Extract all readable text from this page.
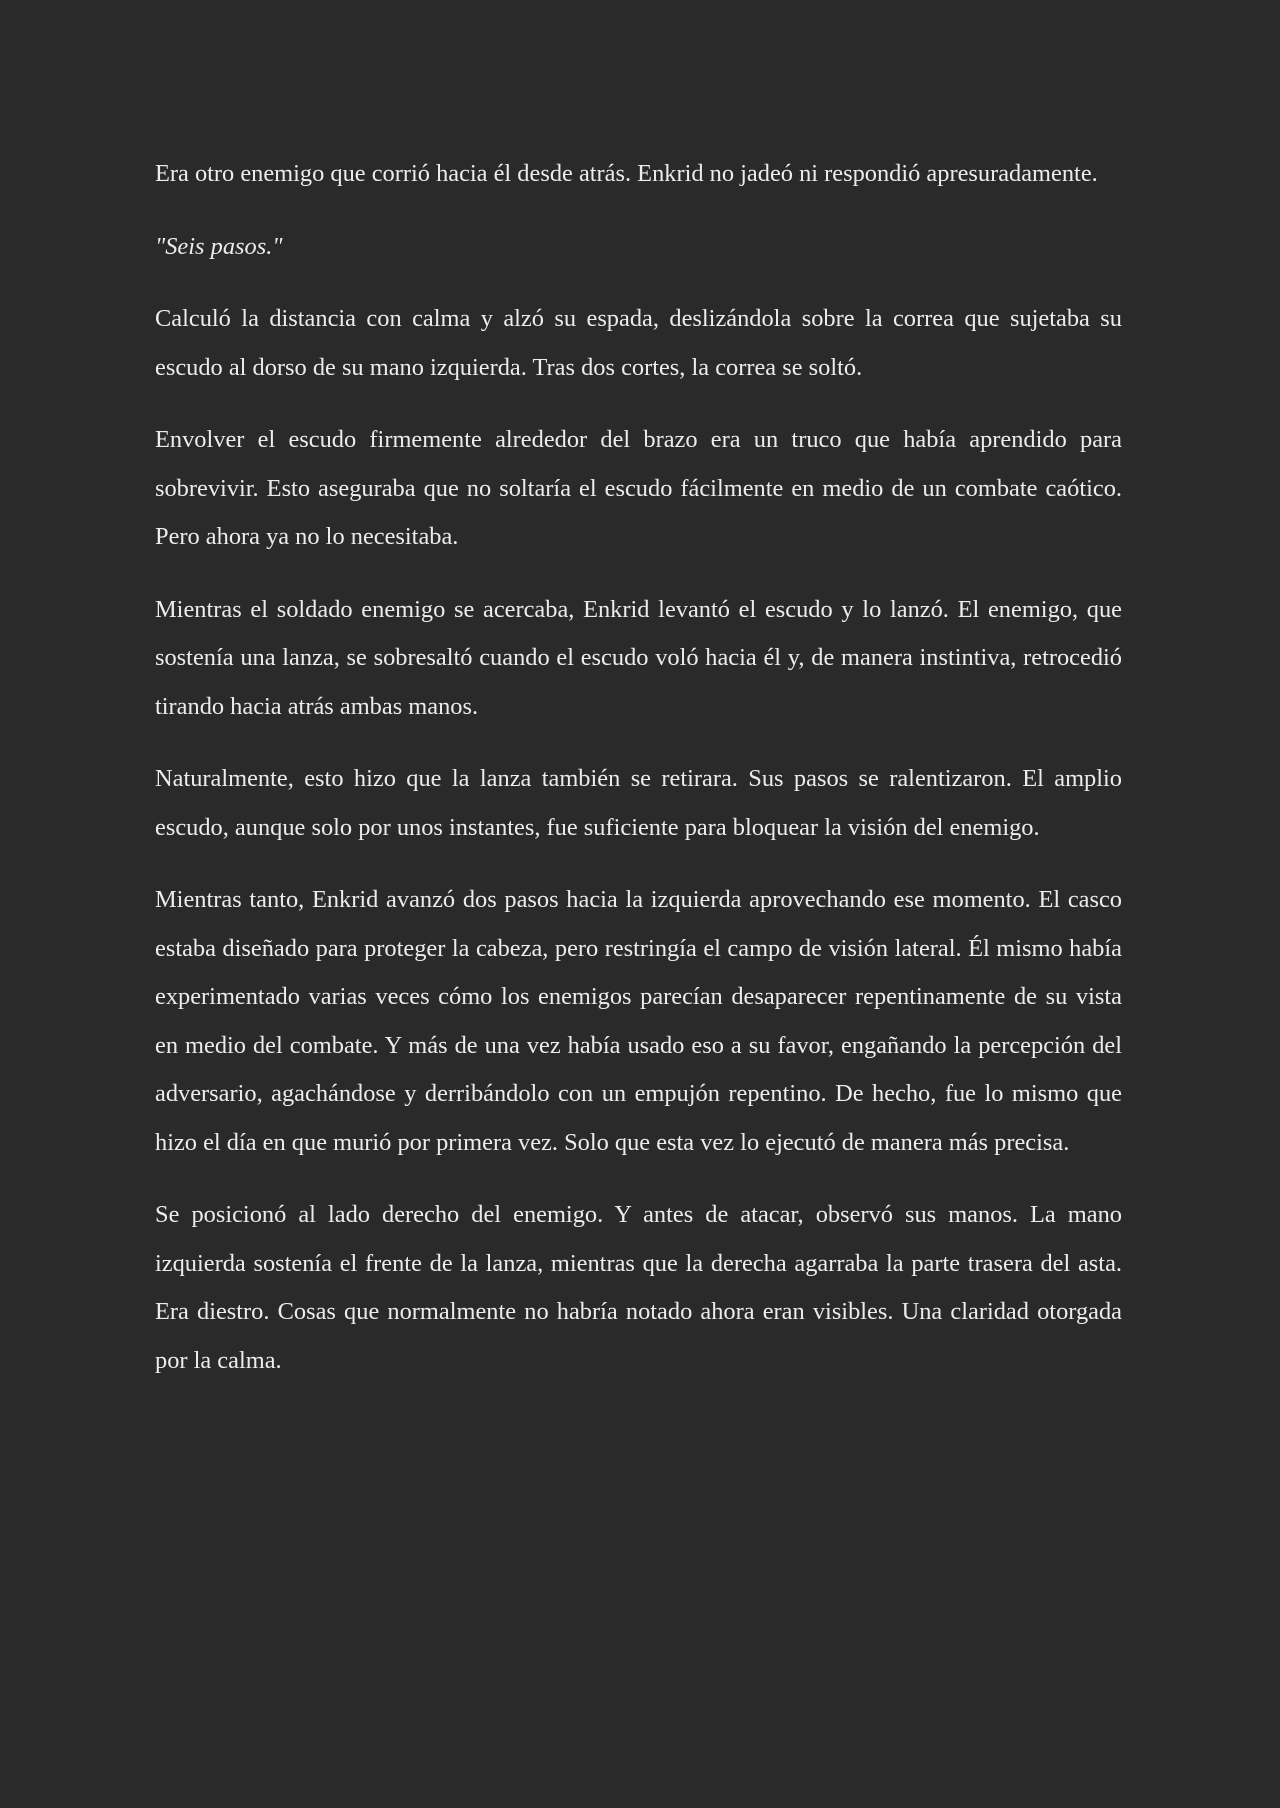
Era otro enemigo que corrió hacia él desde atrás. Enkrid no jadeó ni respondió apresuradamente.

"Seis pasos."

Calculó la distancia con calma y alzó su espada, deslizándola sobre la correa que sujetaba su escudo al dorso de su mano izquierda. Tras dos cortes, la correa se soltó.

Envolver el escudo firmemente alrededor del brazo era un truco que había aprendido para sobrevivir. Esto aseguraba que no soltaría el escudo fácilmente en medio de un combate caótico. Pero ahora ya no lo necesitaba.

Mientras el soldado enemigo se acercaba, Enkrid levantó el escudo y lo lanzó. El enemigo, que sostenía una lanza, se sobresaltó cuando el escudo voló hacia él y, de manera instintiva, retrocedió tirando hacia atrás ambas manos.

Naturalmente, esto hizo que la lanza también se retirara. Sus pasos se ralentizaron. El amplio escudo, aunque solo por unos instantes, fue suficiente para bloquear la visión del enemigo.

Mientras tanto, Enkrid avanzó dos pasos hacia la izquierda aprovechando ese momento. El casco estaba diseñado para proteger la cabeza, pero restringía el campo de visión lateral. Él mismo había experimentado varias veces cómo los enemigos parecían desaparecer repentinamente de su vista en medio del combate. Y más de una vez había usado eso a su favor, engañando la percepción del adversario, agachándose y derribándolo con un empujón repentino. De hecho, fue lo mismo que hizo el día en que murió por primera vez. Solo que esta vez lo ejecutó de manera más precisa.

Se posicionó al lado derecho del enemigo. Y antes de atacar, observó sus manos. La mano izquierda sostenía el frente de la lanza, mientras que la derecha agarraba la parte trasera del asta. Era diestro. Cosas que normalmente no habría notado ahora eran visibles. Una claridad otorgada por la calma.
